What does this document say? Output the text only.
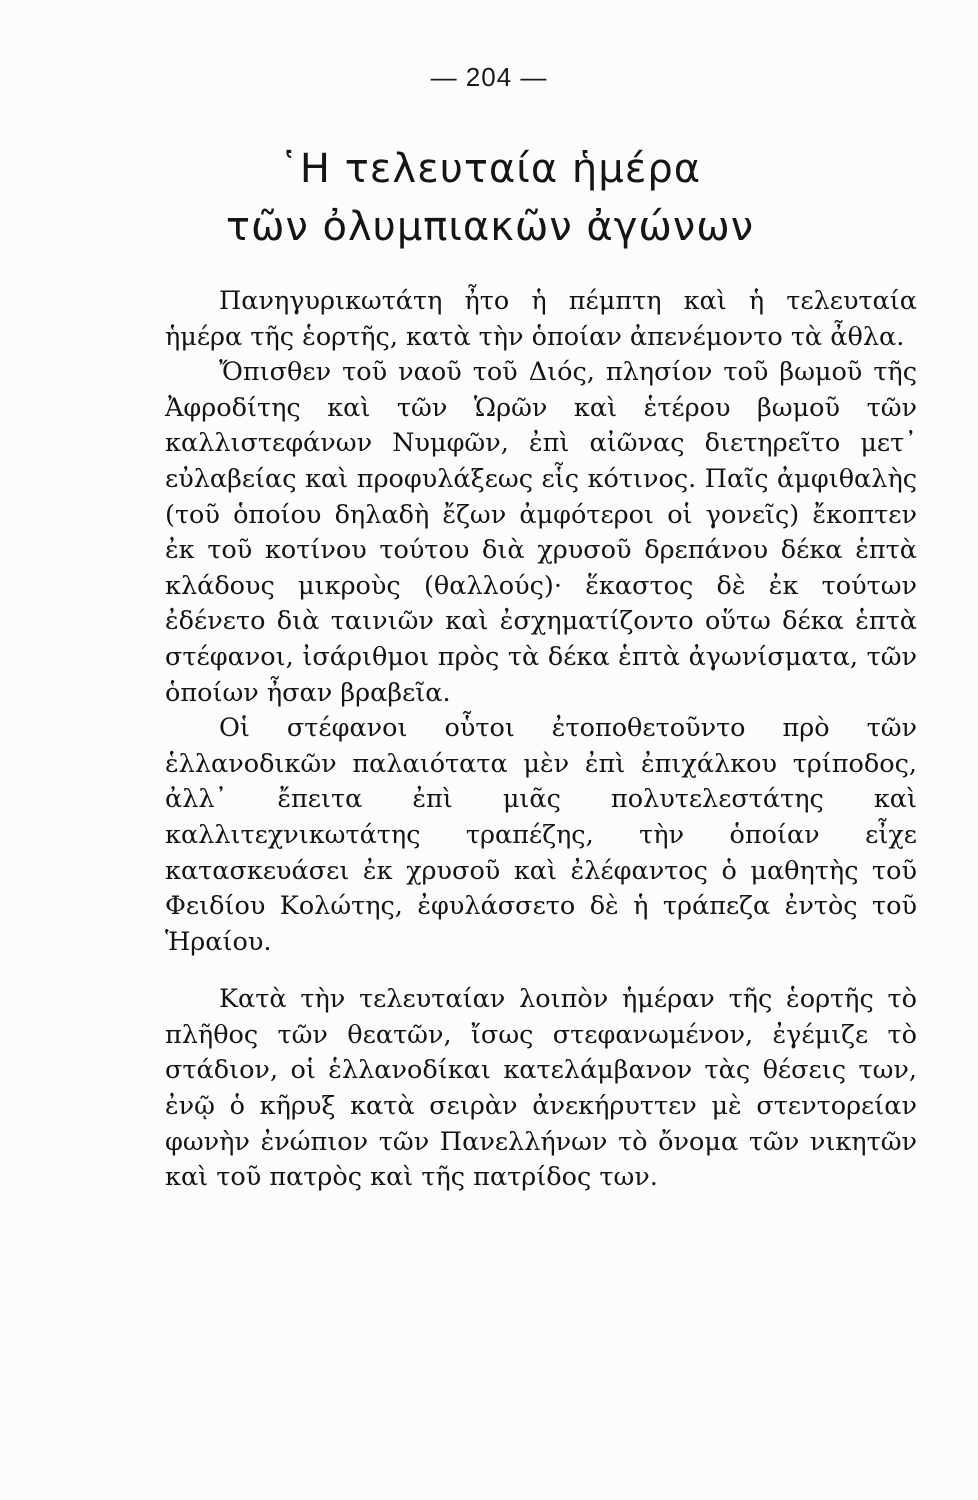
— 204 —
῾Η τελευταία ἡμέρα
τῶν ὀλυμπιακῶν ἀγώνων

Πανηγυρικωτάτη ἦτο ἡ πέμπτη καὶ ἡ τελευταία ἡμέρα τῆς ἑορτῆς, κατὰ τὴν ὁποίαν ἀπενέμοντο τὰ ἆθλα.

Ὄπισθεν τοῦ ναοῦ τοῦ Διός, πλησίον τοῦ βωμοῦ τῆς Ἀφροδίτης καὶ τῶν Ὡρῶν καὶ ἑτέρου βωμοῦ τῶν καλλιστεφάνων Νυμφῶν, ἐπὶ αἰῶνας διετηρεῖτο μετ᾽ εὐλαβείας καὶ προφυλάξεως εἷς κότινος. Παῖς ἀμφιθαλὴς (τοῦ ὁποίου δηλαδὴ ἔζων ἀμφότεροι οἱ γονεῖς) ἔκοπτεν ἐκ τοῦ κοτίνου τούτου διὰ χρυσοῦ δρεπάνου δέκα ἑπτὰ κλάδους μικροὺς (θαλλούς)· ἕκαστος δὲ ἐκ τούτων ἐδένετο διὰ ταινιῶν καὶ ἐσχηματίζοντο οὕτω δέκα ἑπτὰ στέφανοι, ἰσάριθμοι πρὸς τὰ δέκα ἑπτὰ ἀγωνίσματα, τῶν ὁποίων ἦσαν βραβεῖα.

Οἱ στέφανοι οὗτοι ἐτοποθετοῦντο πρὸ τῶν ἑλλανοδικῶν παλαιότατα μὲν ἐπὶ ἐπιχάλκου τρίποδος, ἀλλ᾽ ἔπειτα ἐπὶ μιᾶς πολυτελεστάτης καὶ καλλιτεχνικωτάτης τραπέζης, τὴν ὁποίαν εἶχε κατασκευάσει ἐκ χρυσοῦ καὶ ἐλέφαντος ὁ μαθητὴς τοῦ Φειδίου Κολώτης, ἐφυλάσσετο δὲ ἡ τράπεζα ἐντὸς τοῦ Ἡραίου.

Κατὰ τὴν τελευταίαν λοιπὸν ἡμέραν τῆς ἑορτῆς τὸ πλῆθος τῶν θεατῶν, ἴσως στεφανωμένον, ἐγέμιζε τὸ στάδιον, οἱ ἑλλανοδίκαι κατελάμβανον τὰς θέσεις των, ἐνῷ ὁ κῆρυξ κατὰ σειρὰν ἀνεκήρυττεν μὲ στεντορείαν φωνὴν ἐνώπιον τῶν Πανελλήνων τὸ ὄνομα τῶν νικητῶν καὶ τοῦ πατρὸς καὶ τῆς πατρίδος των.
